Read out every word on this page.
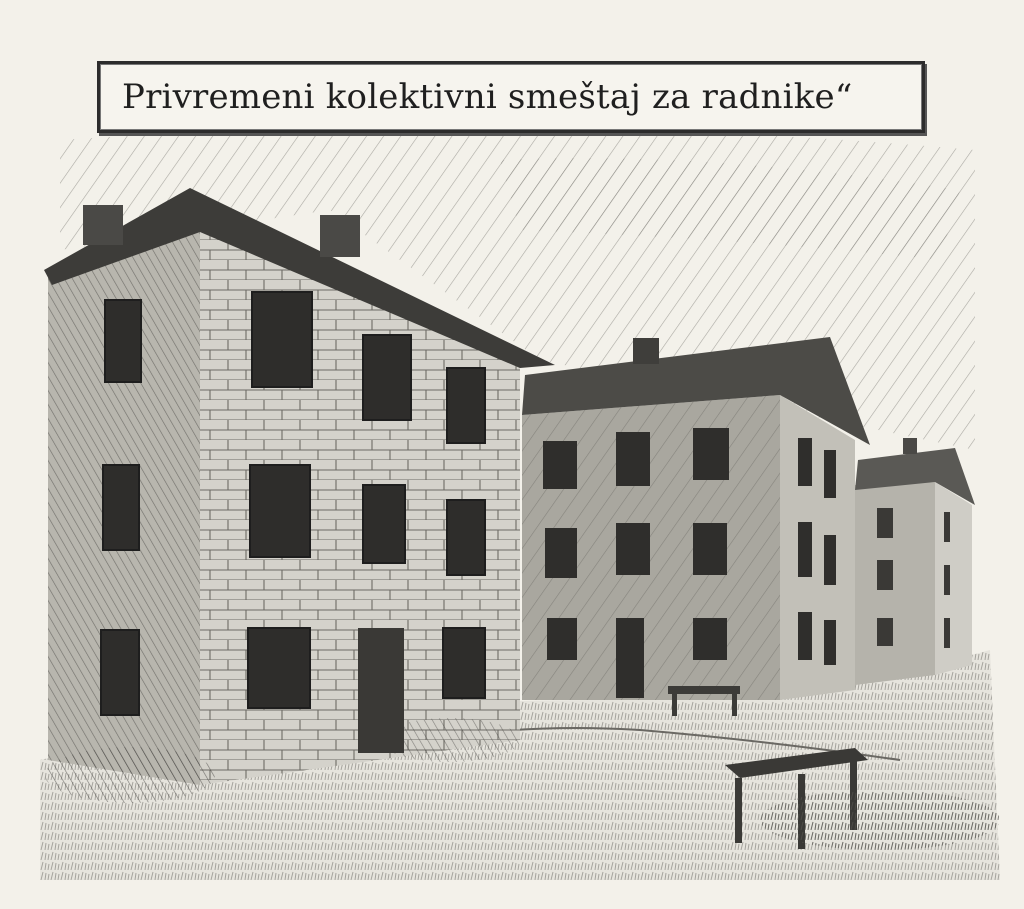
Privremeni kolektivni smeštaj za radnike“
